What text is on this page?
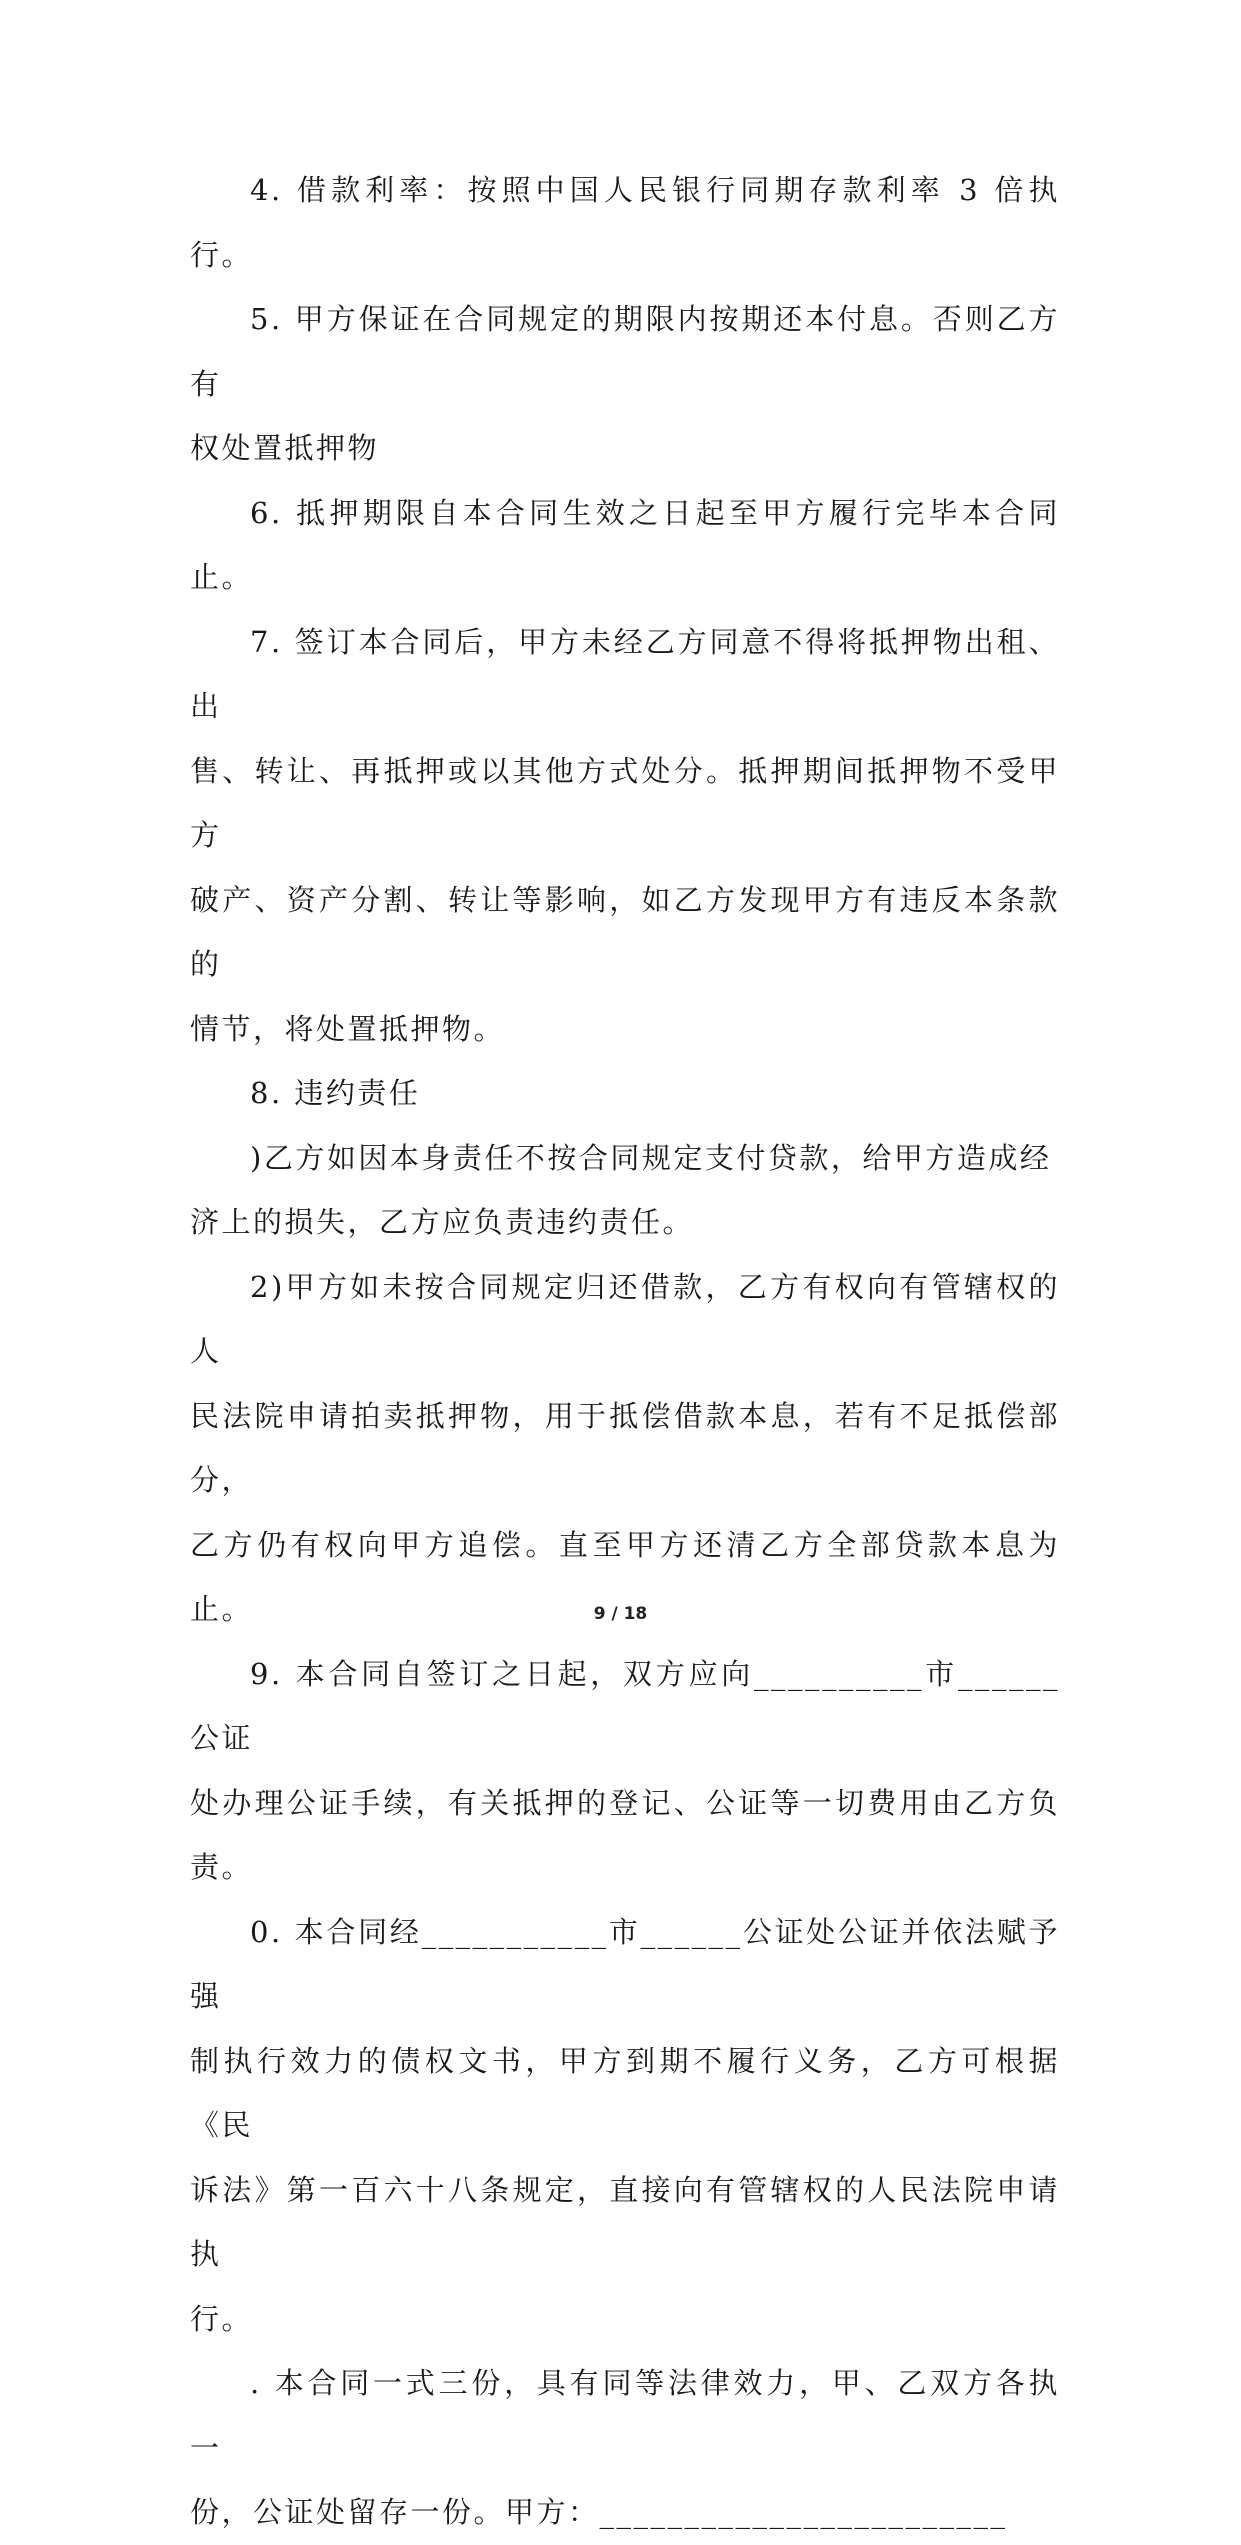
4. 借款利率：按照中国人民银行同期存款利率 3 倍执行。

5. 甲方保证在合同规定的期限内按期还本付息。否则乙方有
权处置抵押物

6. 抵押期限自本合同生效之日起至甲方履行完毕本合同止。

7. 签订本合同后，甲方未经乙方同意不得将抵押物出租、出
售、转让、再抵押或以其他方式处分。抵押期间抵押物不受甲方
破产、资产分割、转让等影响，如乙方发现甲方有违反本条款的
情节，将处置抵押物。

8. 违约责任

)乙方如因本身责任不按合同规定支付贷款，给甲方造成经
济上的损失，乙方应负责违约责任。

2)甲方如未按合同规定归还借款，乙方有权向有管辖权的人
民法院申请拍卖抵押物，用于抵偿借款本息，若有不足抵偿部分，
乙方仍有权向甲方追偿。直至甲方还清乙方全部贷款本息为止。

9. 本合同自签订之日起，双方应向__________市______公证
处办理公证手续，有关抵押的登记、公证等一切费用由乙方负责。

0. 本合同经___________市______公证处公证并依法赋予强
制执行效力的债权文书，甲方到期不履行义务，乙方可根据《民
诉法》第一百六十八条规定，直接向有管辖权的人民法院申请执
行。

. 本合同一式三份，具有同等法律效力，甲、乙双方各执一
份，公证处留存一份。甲方：________________________

9 / 18
